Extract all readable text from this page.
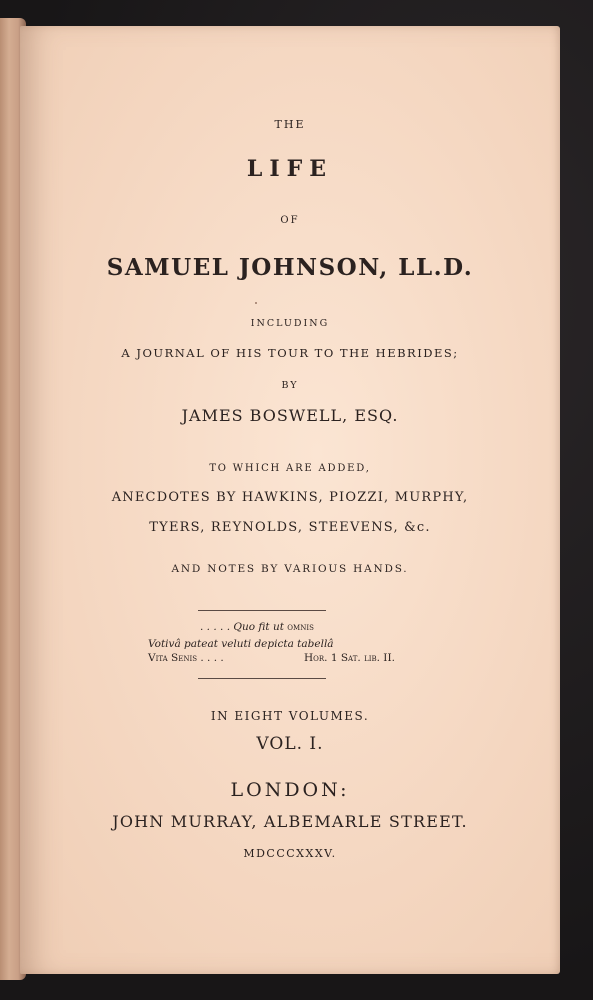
THE
LIFE
OF
SAMUEL JOHNSON, LL.D.
INCLUDING
A JOURNAL OF HIS TOUR TO THE HEBRIDES;
BY
JAMES BOSWELL, ESQ.
TO WHICH ARE ADDED,
ANECDOTES BY HAWKINS, PIOZZI, MURPHY,
TYERS, REYNOLDS, STEEVENS, &c.
AND NOTES BY VARIOUS HANDS.
. . . . . Quo fit ut omnis
Votivâ pateat veluti depicta tabellâ
Vita Senis . . . .	Hor. 1 Sat. lib. II.
IN EIGHT VOLUMES.
VOL. I.
LONDON:
JOHN MURRAY, ALBEMARLE STREET.
MDCCCXXXV.
